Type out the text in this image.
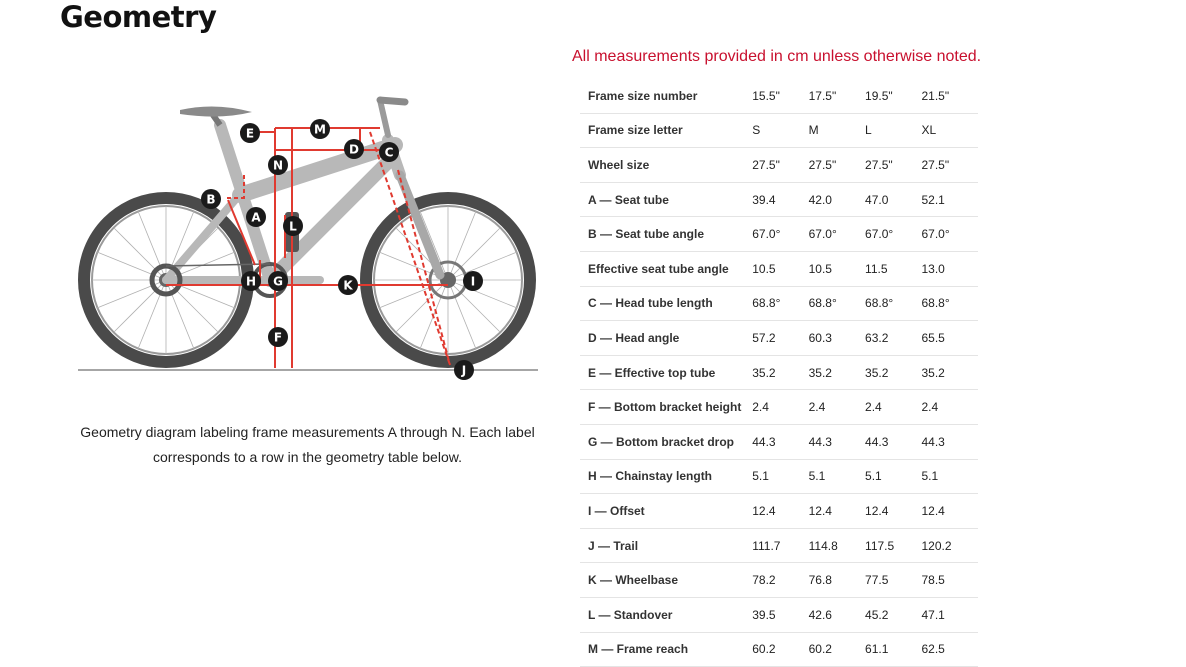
Geometry
A
B
C
D
E
F
G
H	I
J
K
L
M
N
Geometry diagram labeling frame measurements A through N. Each label corresponds to a row in the geometry table below.
All measurements provided in cm unless otherwise noted.
Frame size number	15.5"	17.5"	19.5"	21.5"
Frame size letter	S	M	L	XL
Wheel size	27.5"	27.5"	27.5"	27.5"
A — Seat tube	39.4	42.0	47.0	52.1
B — Seat tube angle	67.0°	67.0°	67.0°	67.0°
Effective seat tube angle	10.5	10.5	11.5	13.0
C — Head tube length	68.8°	68.8°	68.8°	68.8°
D — Head angle	57.2	60.3	63.2	65.5
E — Effective top tube	35.2	35.2	35.2	35.2
F — Bottom bracket height	2.4	2.4	2.4	2.4
G — Bottom bracket drop	44.3	44.3	44.3	44.3
H — Chainstay length	5.1	5.1	5.1	5.1
I — Offset	12.4	12.4	12.4	12.4
J — Trail	111.7	114.8	117.5	120.2
K — Wheelbase	78.2	76.8	77.5	78.5
L — Standover	39.5	42.6	45.2	47.1
M — Frame reach	60.2	60.2	61.1	62.5
